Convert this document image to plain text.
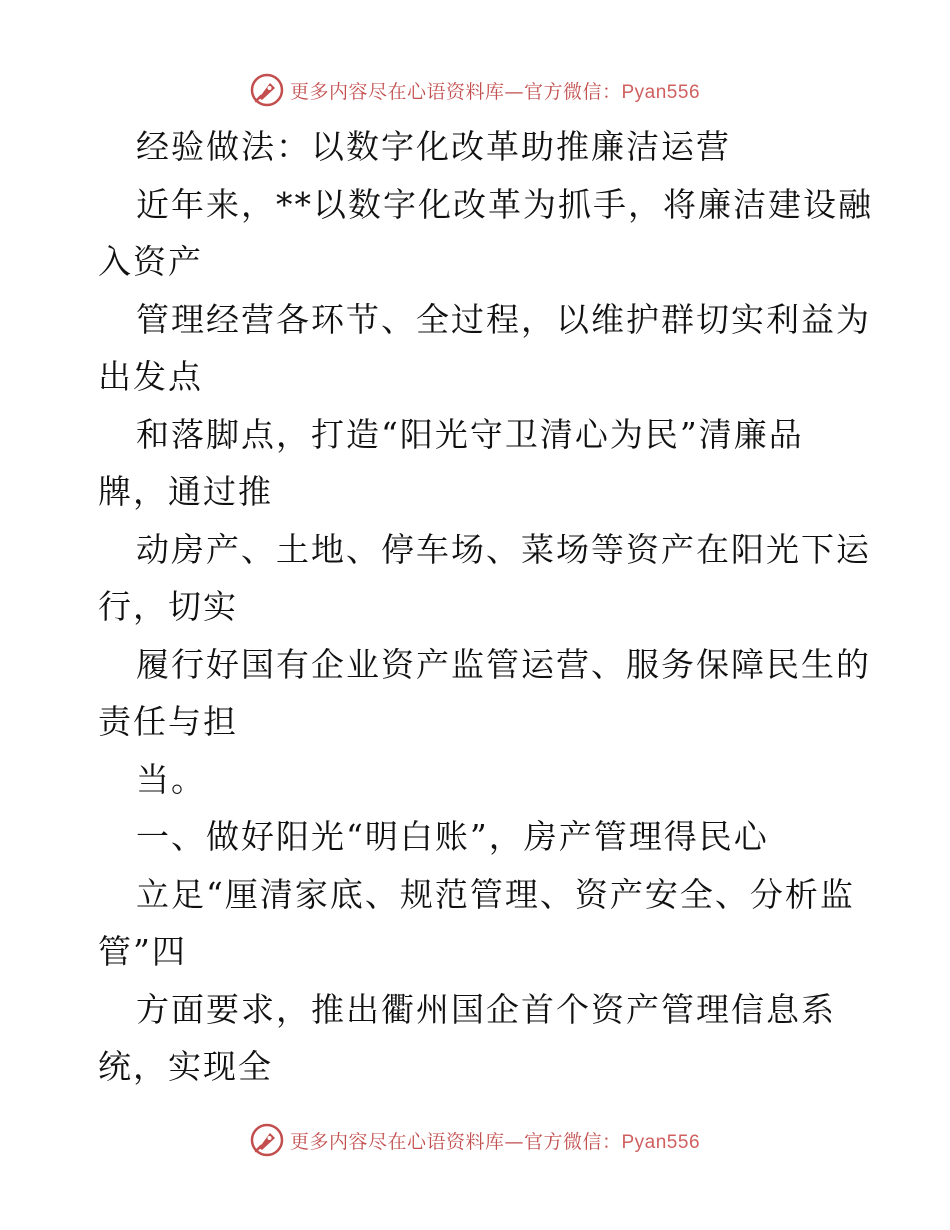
更多内容尽在心语资料库—官方微信：Pyan556
经验做法：以数字化改革助推廉洁运营
近年来，**以数字化改革为抓手，将廉洁建设融
入资产
管理经营各环节、全过程，以维护群切实利益为
出发点
和落脚点，打造“阳光守卫清心为民”清廉品
牌，通过推
动房产、土地、停车场、菜场等资产在阳光下运
行，切实
履行好国有企业资产监管运营、服务保障民生的
责任与担
当。
一、做好阳光“明白账”，房产管理得民心
立足“厘清家底、规范管理、资产安全、分析监
管”四
方面要求，推出衢州国企首个资产管理信息系
统，实现全
更多内容尽在心语资料库—官方微信：Pyan556
